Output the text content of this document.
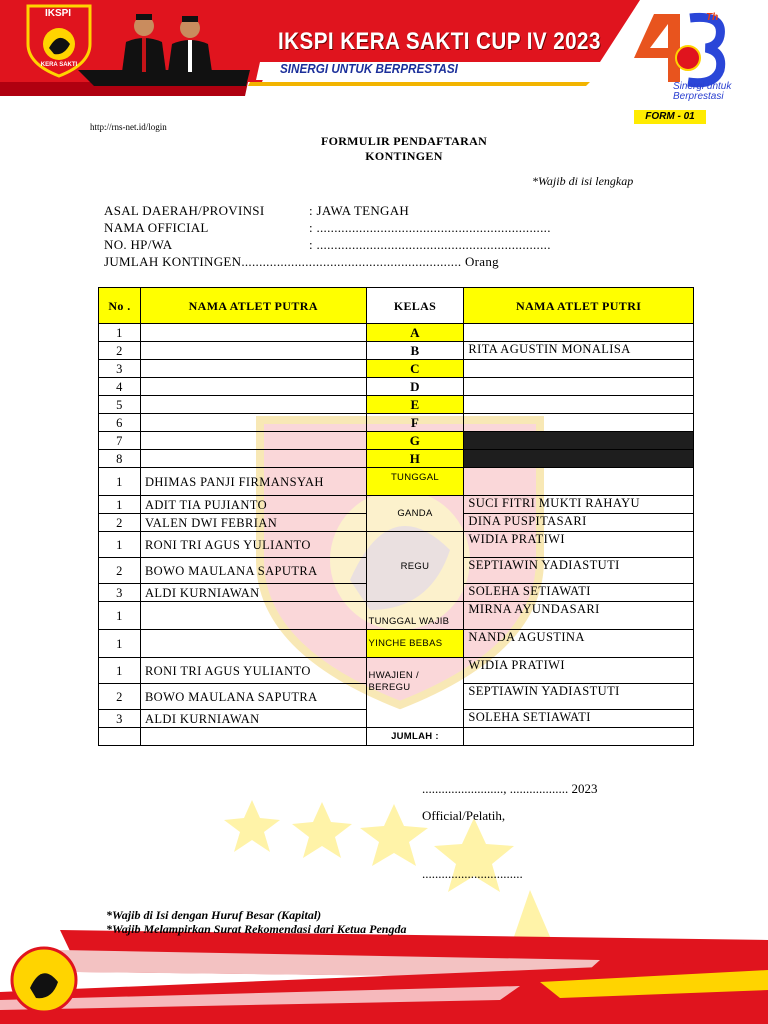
IKSPI
KERA SAKTI
IKSPI KERA SAKTI CUP IV 2023
SINERGI UNTUK BERPRESTASI
Th
Sinergi untuk Berprestasi
FORM - 01
http://rns-net.id/login
FORMULIR PENDAFTARAN
KONTINGEN
*Wajib di isi lengkap
ASAL DAERAH/PROVINSI	: JAWA TENGAH
NAMA OFFICIAL	: ..................................................................
NO. HP/WA	: ..................................................................
JUMLAH KONTINGEN.............................................................. Orang
No .	NAMA ATLET PUTRA	KELAS	NAMA ATLET PUTRI
1		A	
2		B	RITA AGUSTIN MONALISA
3		C	
4		D	
5		E	
6		F	
7		G	
8		H	
1	DHIMAS PANJI FIRMANSYAH	TUNGGAL	
1	ADIT TIA PUJIANTO	GANDA	SUCI FITRI MUKTI RAHAYU
2	VALEN DWI FEBRIAN		DINA PUSPITASARI
1	RONI TRI AGUS YULIANTO	REGU	WIDIA PRATIWI
2	BOWO MAULANA SAPUTRA		SEPTIAWIN YADIASTUTI
3	ALDI KURNIAWAN		SOLEHA SETIAWATI
1		TUNGGAL WAJIB	MIRNA AYUNDASARI
1		YINCHE BEBAS	NANDA AGUSTINA
1	RONI TRI AGUS YULIANTO	HWAJIEN / BEREGU	WIDIA PRATIWI
2	BOWO MAULANA SAPUTRA		SEPTIAWIN YADIASTUTI
3	ALDI KURNIAWAN		SOLEHA SETIAWATI
		JUMLAH :	
........................., .................. 2023
Official/Pelatih,
...............................
*Wajib di Isi dengan Huruf Besar (Kapital)
*Wajib Melampirkan Surat Rekomendasi dari Ketua Pengda
